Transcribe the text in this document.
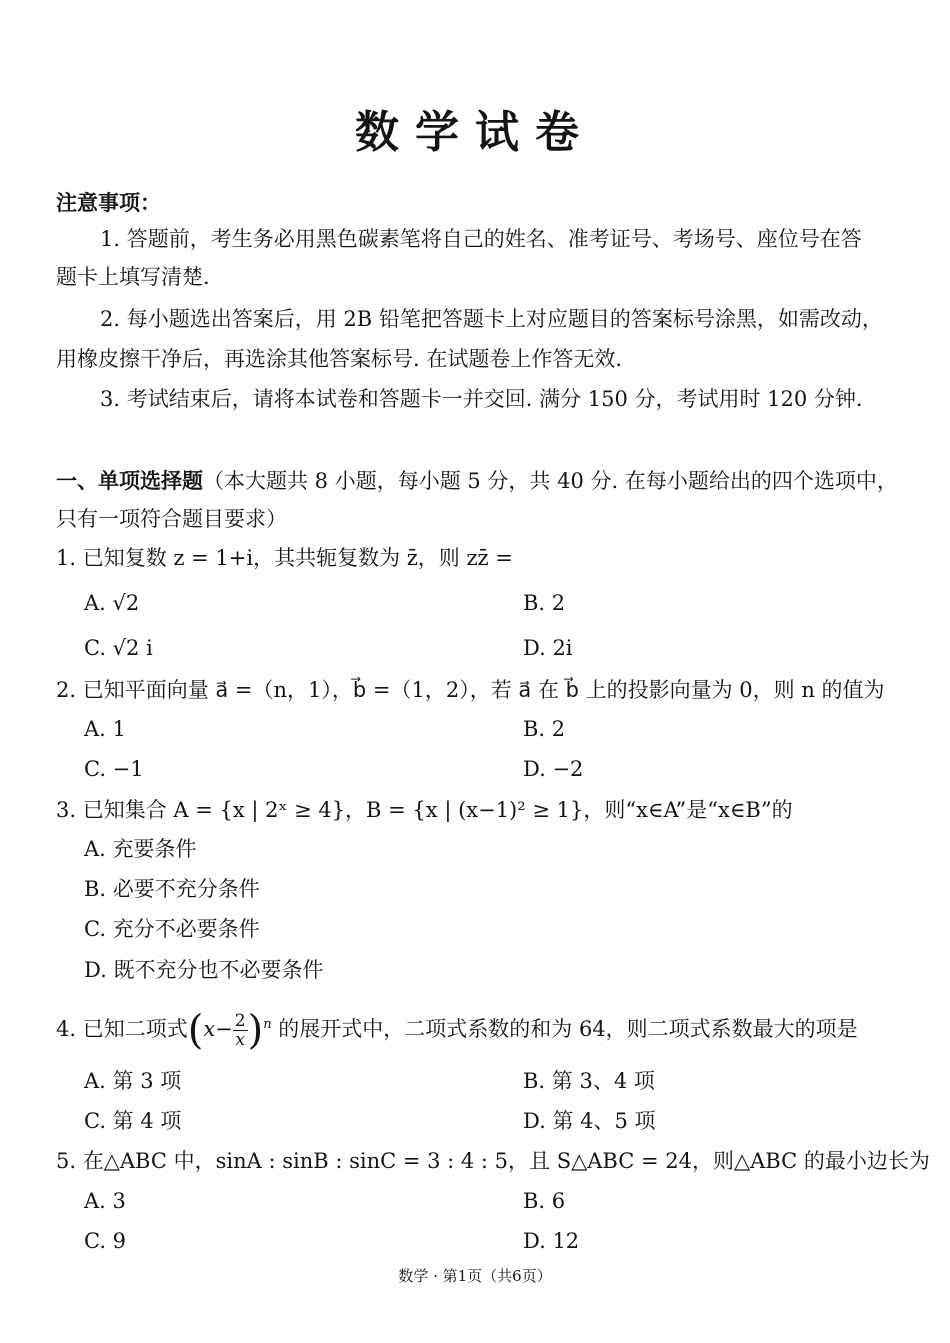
数学试卷
注意事项：
1. 答题前，考生务必用黑色碳素笔将自己的姓名、准考证号、考场号、座位号在答
题卡上填写清楚.
2. 每小题选出答案后，用 2B 铅笔把答题卡上对应题目的答案标号涂黑，如需改动，
用橡皮擦干净后，再选涂其他答案标号. 在试题卷上作答无效.
3. 考试结束后，请将本试卷和答题卡一并交回. 满分 150 分，考试用时 120 分钟.
一、单项选择题（本大题共 8 小题，每小题 5 分，共 40 分. 在每小题给出的四个选项中，
只有一项符合题目要求）
1. 已知复数 z = 1+i，其共轭复数为 z̄，则 zz̄ =
A. √2	B. 2
C. √2 i	D. 2i
2. 已知平面向量 a⃗ =（n，1），b⃗ =（1，2），若 a⃗ 在 b⃗ 上的投影向量为 0，则 n 的值为
A. 1	B. 2
C. −1	D. −2
3. 已知集合 A = {x | 2ˣ ≥ 4}，B = {x | (x−1)² ≥ 1}，则“x∈A”是“x∈B”的
A. 充要条件
B. 必要不充分条件
C. 充分不必要条件
D. 既不充分也不必要条件
4. 已知二项式$(x- \frac{2}{x} )^n$ 的展开式中，二项式系数的和为 64，则二项式系数最大的项是
A. 第 3 项	B. 第 3、4 项
C. 第 4 项	D. 第 4、5 项
5. 在△ABC 中，sinA : sinB : sinC = 3 : 4 : 5，且 S△ABC = 24，则△ABC 的最小边长为
A. 3	B. 6
C. 9	D. 12
数学 · 第1页（共6页）
